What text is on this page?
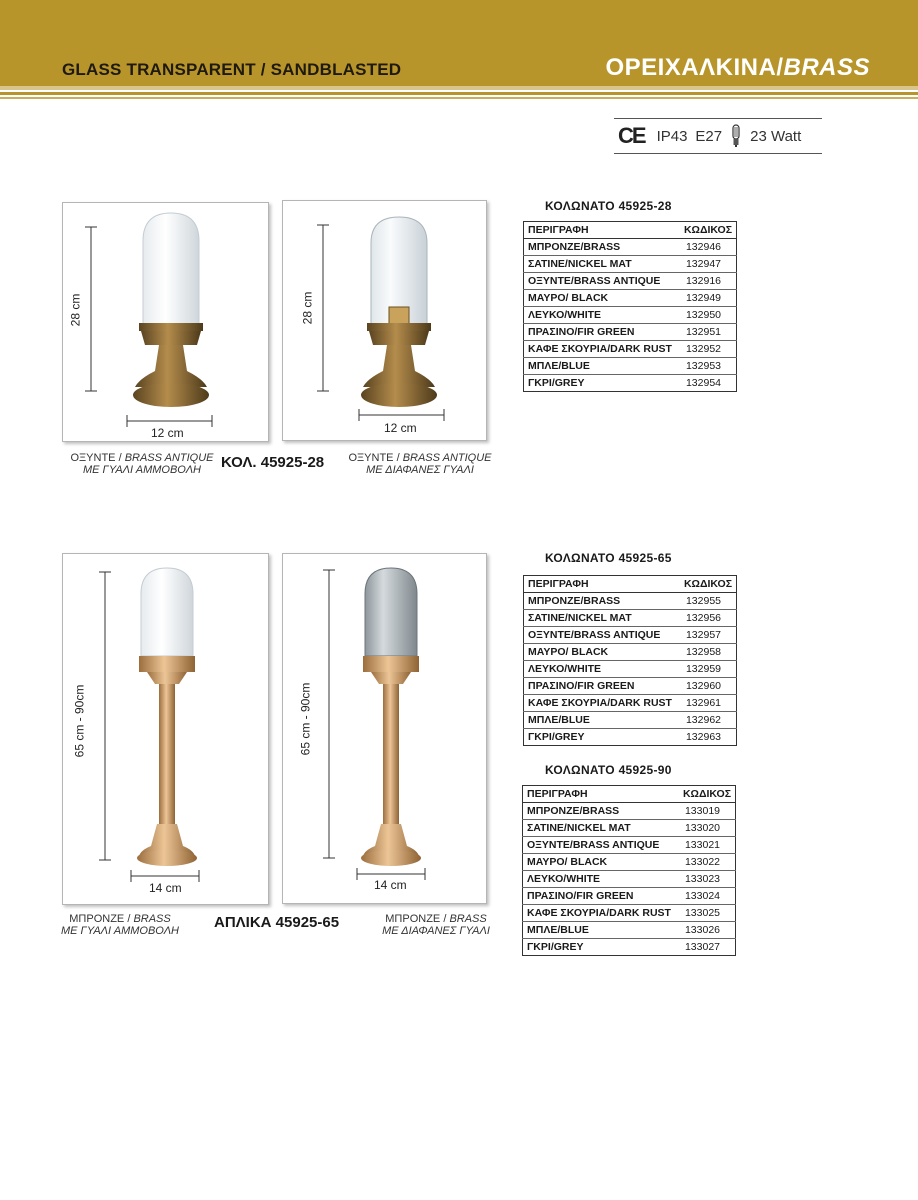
GLASS TRANSPARENT / SANDBLASTED	ΟΡΕΙΧΑΛΚΙΝΑ/BRASS
CE IP43 E27 23 Watt
28 cm
12 cm
28 cm
12 cm
ΟΞΥΝΤΕ / BRASS ANTIQUE
ΜΕ ΓΥΑΛΙ ΑΜΜΟΒΟΛΗ	ΚΟΛ. 45925-28	ΟΞΥΝΤΕ / BRASS ANTIQUE
ΜΕ ΔΙΑΦΑΝΕΣ ΓΥΑΛΙ
65 cm - 90cm
14 cm
65 cm - 90cm
14 cm
ΜΠΡΟΝΖΕ / BRASS
ΜΕ ΓΥΑΛΙ ΑΜΜΟΒΟΛΗ	ΑΠΛΙΚΑ 45925-65	ΜΠΡΟΝΖΕ / BRASS
ΜΕ ΔΙΑΦΑΝΕΣ ΓΥΑΛΙ
ΚΟΛΩΝΑΤΟ 45925-28
ΠΕΡΙΓΡΑΦΗ	ΚΩΔΙΚΟΣ
ΜΠΡΟΝΖΕ/BRASS	132946
ΣΑΤΙΝΕ/NICKEL MAT	132947
ΟΞΥΝΤΕ/BRASS ANTIQUE	132916
ΜΑΥΡΟ/ BLACK	132949
ΛΕΥΚΟ/WHITE	132950
ΠΡΑΣΙΝΟ/FIR GREEN	132951
ΚΑΦΕ ΣΚΟΥΡΙΑ/DARK RUST	132952
ΜΠΛΕ/BLUE	132953
ΓΚΡΙ/GREY	132954
ΚΟΛΩΝΑΤΟ 45925-65
ΠΕΡΙΓΡΑΦΗ	ΚΩΔΙΚΟΣ
ΜΠΡΟΝΖΕ/BRASS	132955
ΣΑΤΙΝΕ/NICKEL MAT	132956
ΟΞΥΝΤΕ/BRASS ANTIQUE	132957
ΜΑΥΡΟ/ BLACK	132958
ΛΕΥΚΟ/WHITE	132959
ΠΡΑΣΙΝΟ/FIR GREEN	132960
ΚΑΦΕ ΣΚΟΥΡΙΑ/DARK RUST	132961
ΜΠΛΕ/BLUE	132962
ΓΚΡΙ/GREY	132963
ΚΟΛΩΝΑΤΟ 45925-90
ΠΕΡΙΓΡΑΦΗ	ΚΩΔΙΚΟΣ
ΜΠΡΟΝΖΕ/BRASS	133019
ΣΑΤΙΝΕ/NICKEL MAT	133020
ΟΞΥΝΤΕ/BRASS ANTIQUE	133021
ΜΑΥΡΟ/ BLACK	133022
ΛΕΥΚΟ/WHITE	133023
ΠΡΑΣΙΝΟ/FIR GREEN	133024
ΚΑΦΕ ΣΚΟΥΡΙΑ/DARK RUST	133025
ΜΠΛΕ/BLUE	133026
ΓΚΡΙ/GREY	133027
